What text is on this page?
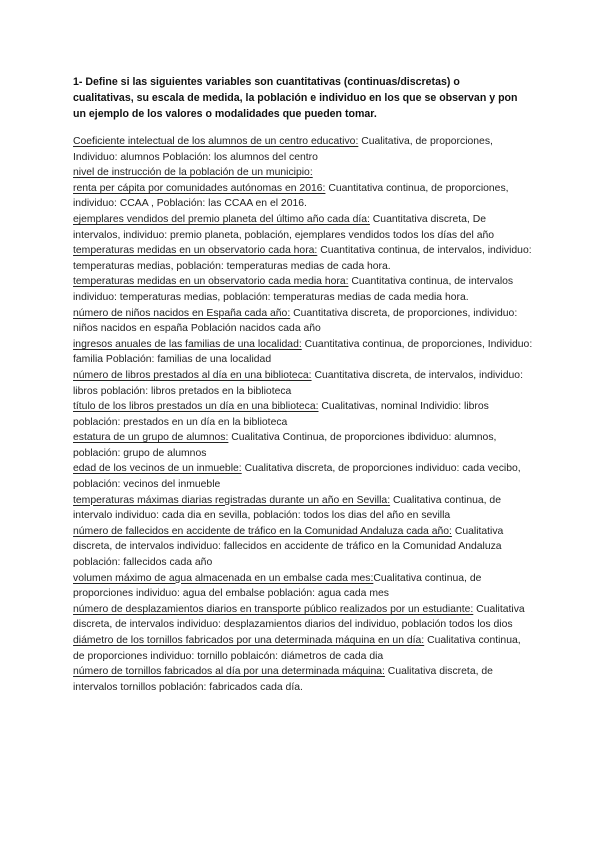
1- Define si las siguientes variables son cuantitativas (continuas/discretas) o cualitativas, su escala de medida, la población e individuo en los que se observan y pon un ejemplo de los valores o modalidades que pueden tomar.

Coeficiente intelectual de los alumnos de un centro educativo: Cualitativa, de proporciones, Individuo: alumnos Población: los alumnos del centro

nivel de instrucción de la población de un municipio:

renta per cápita por comunidades autónomas en 2016: Cuantitativa continua, de proporciones, individuo: CCAA , Población: las CCAA en el 2016.

ejemplares vendidos del premio planeta del último año cada día: Cuantitativa discreta, De intervalos, individuo: premio planeta, población, ejemplares vendidos todos los días del año

temperaturas medidas en un observatorio cada hora: Cuantitativa continua, de intervalos, individuo: temperaturas medias, población: temperaturas medias de cada hora.

temperaturas medidas en un observatorio cada media hora: Cuantitativa continua, de intervalos individuo: temperaturas medias, población: temperaturas medias de cada media hora.

número de niños nacidos en España cada año: Cuantitativa discreta, de proporciones, individuo: niños nacidos en españa Población nacidos cada año

ingresos anuales de las familias de una localidad: Cuantitativa continua, de proporciones, Individuo: familia Población: familias de una localidad

número de libros prestados al día en una biblioteca: Cuantitativa discreta, de intervalos, individuo: libros población: libros pretados en la biblioteca

título de los libros prestados un día en una biblioteca: Cualitativas, nominal Individio: libros población: prestados en un día en la biblioteca

estatura de un grupo de alumnos: Cualitativa Continua, de proporciones ibdividuo: alumnos, población: grupo de alumnos

edad de los vecinos de un inmueble: Cualitativa discreta, de proporciones individuo: cada vecibo, población: vecinos del inmueble

temperaturas máximas diarias registradas durante un año en Sevilla: Cualitativa continua, de intervalo individuo: cada dia en sevilla, población: todos los dias del año en sevilla

número de fallecidos en accidente de tráfico en la Comunidad Andaluza cada año: Cualitativa discreta, de intervalos individuo: fallecidos en accidente de tráfico en la Comunidad Andaluza población: fallecidos cada año

volumen máximo de agua almacenada en un embalse cada mes:Cualitativa continua, de proporciones individuo: agua del embalse población: agua cada mes

número de desplazamientos diarios en transporte público realizados por un estudiante: Cualitativa discreta, de intervalos individuo: desplazamientos diarios del individuo, población todos los dios

diámetro de los tornillos fabricados por una determinada máquina en un día: Cualitativa continua, de proporciones individuo: tornillo poblaicón: diámetros de cada dia

número de tornillos fabricados al día por una determinada máquina: Cualitativa discreta, de intervalos tornillos población: fabricados cada día.
